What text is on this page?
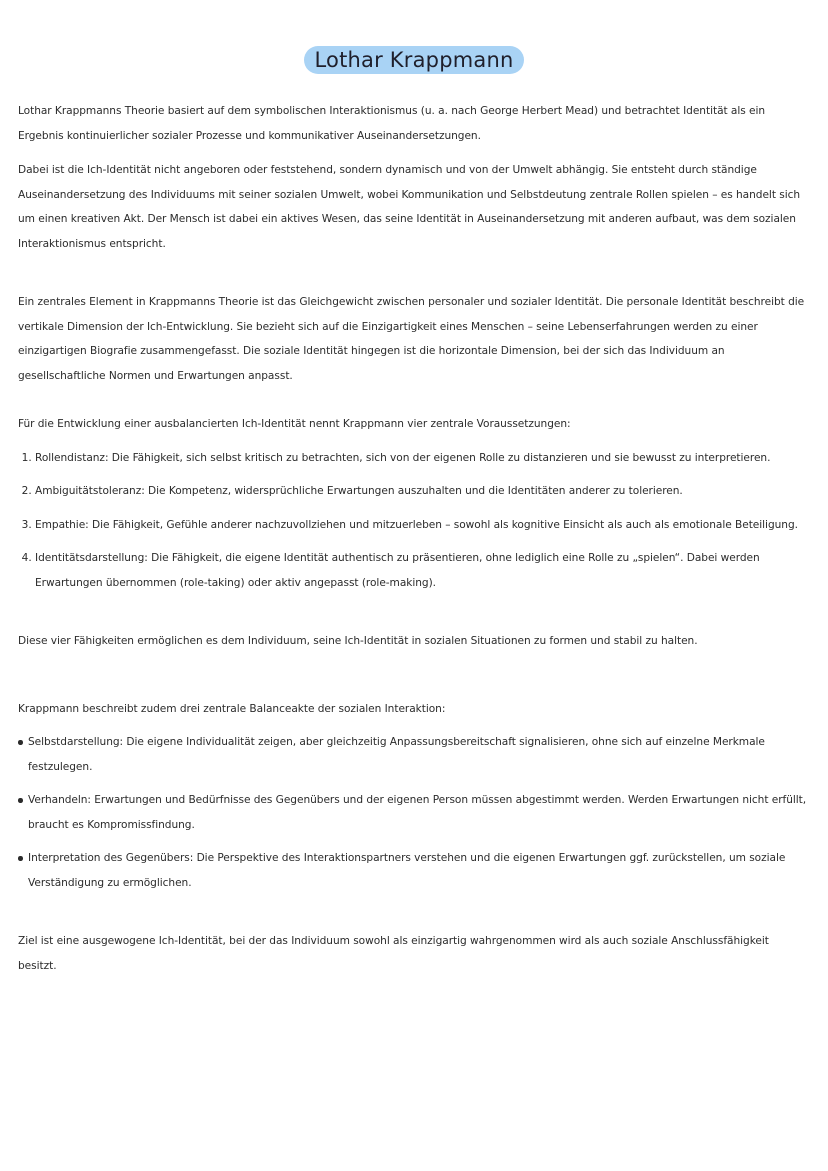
Lothar Krappmann

Lothar Krappmanns Theorie basiert auf dem symbolischen Interaktionismus (u. a. nach George Herbert Mead) und betrachtet Identität als ein Ergebnis kontinuierlicher sozialer Prozesse und kommunikativer Auseinandersetzungen.

Dabei ist die Ich-Identität nicht angeboren oder feststehend, sondern dynamisch und von der Umwelt abhängig. Sie entsteht durch ständige Auseinandersetzung des Individuums mit seiner sozialen Umwelt, wobei Kommunikation und Selbstdeutung zentrale Rollen spielen – es handelt sich um einen kreativen Akt. Der Mensch ist dabei ein aktives Wesen, das seine Identität in Auseinandersetzung mit anderen aufbaut, was dem sozialen Interaktionismus entspricht.

Ein zentrales Element in Krappmanns Theorie ist das Gleichgewicht zwischen personaler und sozialer Identität. Die personale Identität beschreibt die vertikale Dimension der Ich-Entwicklung. Sie bezieht sich auf die Einzigartigkeit eines Menschen – seine Lebenserfahrungen werden zu einer einzigartigen Biografie zusammengefasst. Die soziale Identität hingegen ist die horizontale Dimension, bei der sich das Individuum an gesellschaftliche Normen und Erwartungen anpasst.

Für die Entwicklung einer ausbalancierten Ich-Identität nennt Krappmann vier zentrale Voraussetzungen:

1. Rollendistanz: Die Fähigkeit, sich selbst kritisch zu betrachten, sich von der eigenen Rolle zu distanzieren und sie bewusst zu interpretieren.
2. Ambiguitätstoleranz: Die Kompetenz, widersprüchliche Erwartungen auszuhalten und die Identitäten anderer zu tolerieren.
3. Empathie: Die Fähigkeit, Gefühle anderer nachzuvollziehen und mitzuerleben – sowohl als kognitive Einsicht als auch als emotionale Beteiligung.
4. Identitätsdarstellung: Die Fähigkeit, die eigene Identität authentisch zu präsentieren, ohne lediglich eine Rolle zu „spielen“. Dabei werden Erwartungen übernommen (role-taking) oder aktiv angepasst (role-making).

Diese vier Fähigkeiten ermöglichen es dem Individuum, seine Ich-Identität in sozialen Situationen zu formen und stabil zu halten.

Krappmann beschreibt zudem drei zentrale Balanceakte der sozialen Interaktion:

Selbstdarstellung: Die eigene Individualität zeigen, aber gleichzeitig Anpassungsbereitschaft signalisieren, ohne sich auf einzelne Merkmale festzulegen.
Verhandeln: Erwartungen und Bedürfnisse des Gegenübers und der eigenen Person müssen abgestimmt werden. Werden Erwartungen nicht erfüllt, braucht es Kompromissfindung.
Interpretation des Gegenübers: Die Perspektive des Interaktionspartners verstehen und die eigenen Erwartungen ggf. zurückstellen, um soziale Verständigung zu ermöglichen.

Ziel ist eine ausgewogene Ich-Identität, bei der das Individuum sowohl als einzigartig wahrgenommen wird als auch soziale Anschlussfähigkeit besitzt.
